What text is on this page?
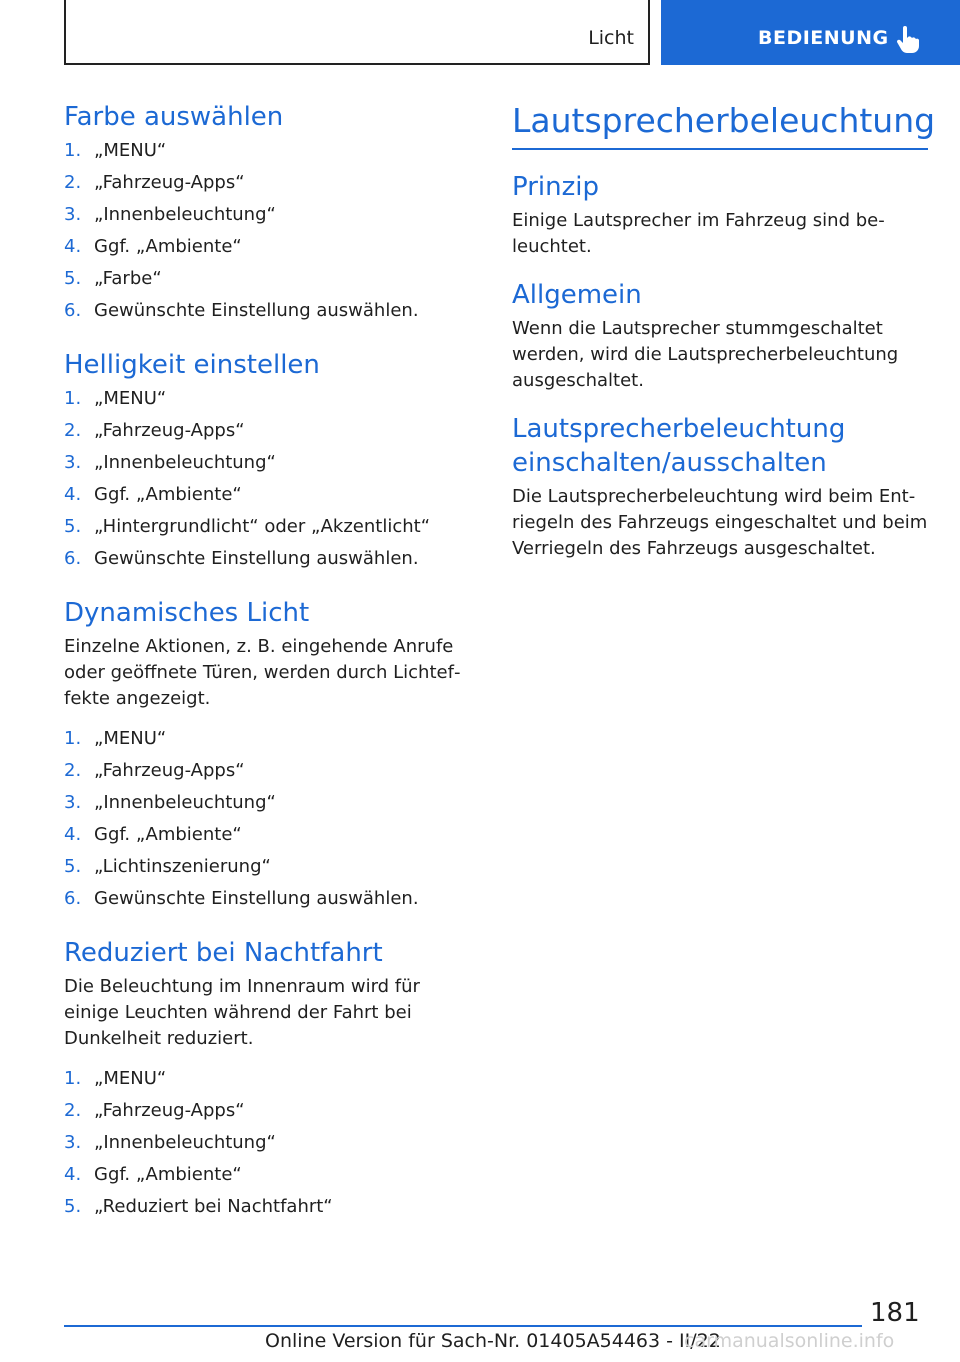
Licht	BEDIENUNG
Farbe auswählen
1. „MENU“
2. „Fahrzeug-Apps“
3. „Innenbeleuchtung“
4. Ggf. „Ambiente“
5. „Farbe“
6. Gewünschte Einstellung auswählen.
Helligkeit einstellen
1. „MENU“
2. „Fahrzeug-Apps“
3. „Innenbeleuchtung“
4. Ggf. „Ambiente“
5. „Hintergrundlicht“ oder „Akzentlicht“
6. Gewünschte Einstellung auswählen.
Dynamisches Licht

Einzelne Aktionen, z. B. eingehende Anrufe oder geöffnete Türen, werden durch Lichteffekte angezeigt.

1. „MENU“
2. „Fahrzeug-Apps“
3. „Innenbeleuchtung“
4. Ggf. „Ambiente“
5. „Lichtinszenierung“
6. Gewünschte Einstellung auswählen.
Reduziert bei Nachtfahrt

Die Beleuchtung im Innenraum wird für einige Leuchten während der Fahrt bei Dunkelheit reduziert.

1. „MENU“
2. „Fahrzeug-Apps“
3. „Innenbeleuchtung“
4. Ggf. „Ambiente“
5. „Reduziert bei Nachtfahrt“
Lautsprecherbeleuchtung
Prinzip

Einige Lautsprecher im Fahrzeug sind beleuchtet.

Allgemein

Wenn die Lautsprecher stummgeschaltet werden, wird die Lautsprecherbeleuchtung ausgeschaltet.

Lautsprecherbeleuchtung
einschalten/ausschalten

Die Lautsprecherbeleuchtung wird beim Entriegeln des Fahrzeugs eingeschaltet und beim Verriegeln des Fahrzeugs ausgeschaltet.

181
Online Version für Sach-Nr. 01405A54463 - II/22
carmanualsonline.info
